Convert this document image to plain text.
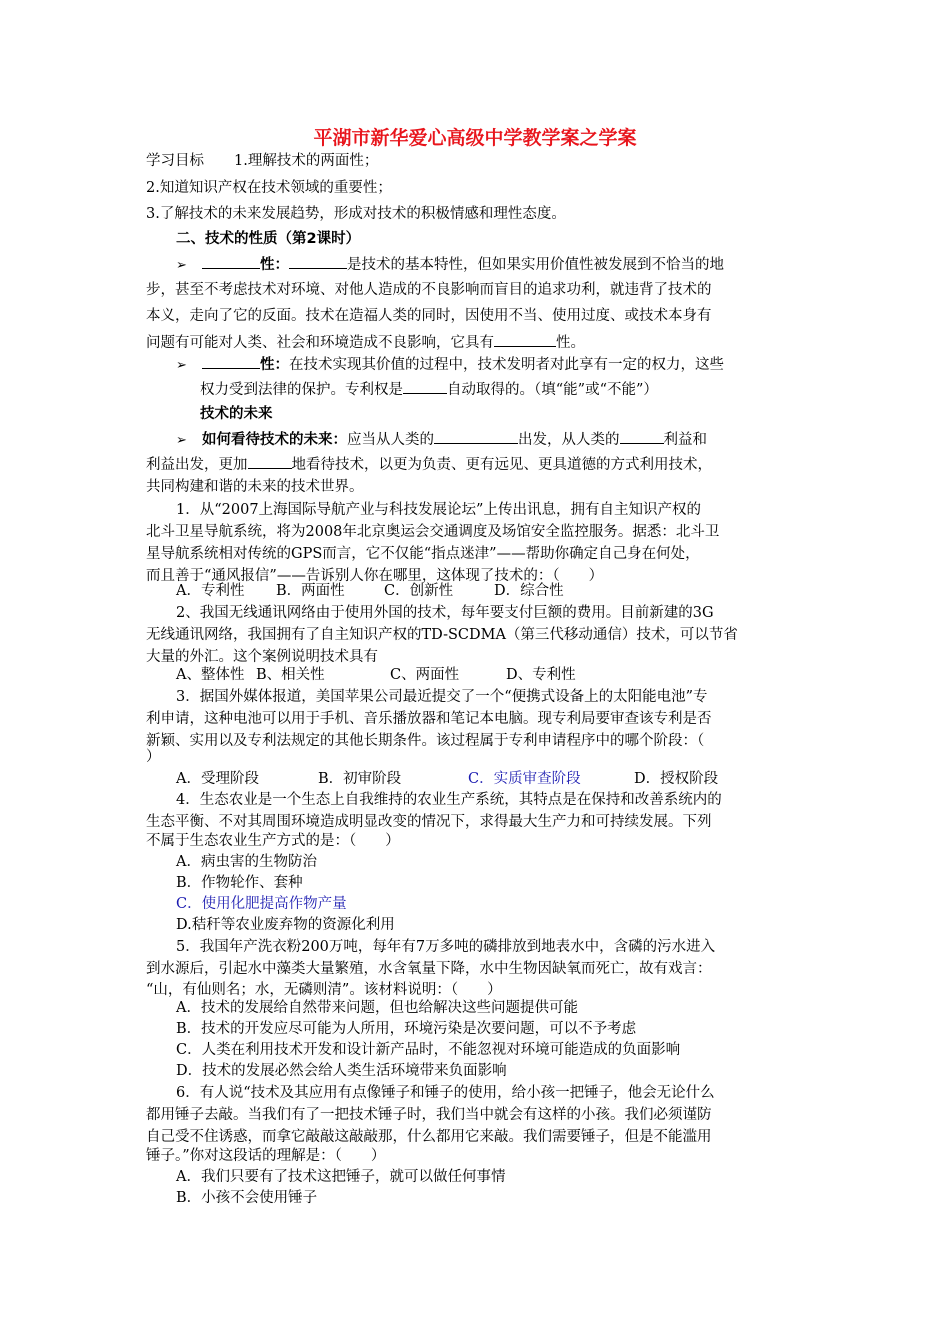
平湖市新华爱心高级中学教学案之学案
学习目标 1.理解技术的两面性；
2.知道知识产权在技术领域的重要性；
3.了解技术的未来发展趋势，形成对技术的积极情感和理性态度。
二、技术的性质（第2课时）
➢	性：	是技术的基本特性，但如果实用价值性被发展到不恰当的地
步，甚至不考虑技术对环境、对他人造成的不良影响而盲目的追求功利，就违背了技术的
本义，走向了它的反面。技术在造福人类的同时，因使用不当、使用过度、或技术本身有
问题有可能对人类、社会和环境造成不良影响，它具有	性。
➢	性：在技术实现其价值的过程中，技术发明者对此享有一定的权力，这些
权力受到法律的保护。专利权是	自动取得的。（填“能”或“不能”）
技术的未来
➢ 如何看待技术的未来：应当从人类的	出发，从人类的	利益和
利益出发，更加	地看待技术，以更为负责、更有远见、更具道德的方式利用技术，
共同构建和谐的未来的技术世界。
1．从“2007上海国际导航产业与科技发展论坛”上传出讯息，拥有自主知识产权的
北斗卫星导航系统，将为2008年北京奥运会交通调度及场馆安全监控服务。据悉：北斗卫
星导航系统相对传统的GPS而言，它不仅能“指点迷津”——帮助你确定自己身在何处，
而且善于“通风报信”——告诉别人你在哪里，这体现了技术的：（　　）
A．专利性 B．两面性	C．创新性	D．综合性
2、我国无线通讯网络由于使用外国的技术，每年要支付巨额的费用。目前新建的3G
无线通讯网络，我国拥有了自主知识产权的TD-SCDMA（第三代移动通信）技术，可以节省
大量的外汇。这个案例说明技术具有
A、整体性 B、相关性	C、两面性	D、专利性
3．据国外媒体报道，美国苹果公司最近提交了一个“便携式设备上的太阳能电池”专
利申请，这种电池可以用于手机、音乐播放器和笔记本电脑。现专利局要审查该专利是否
新颖、实用以及专利法规定的其他长期条件。该过程属于专利申请程序中的哪个阶段：（
）
A．受理阶段	B．初审阶段	C．实质审查阶段	D．授权阶段
4．生态农业是一个生态上自我维持的农业生产系统，其特点是在保持和改善系统内的
生态平衡、不对其周围环境造成明显改变的情况下，求得最大生产力和可持续发展。下列
不属于生态农业生产方式的是：（　　）
A．病虫害的生物防治
B．作物轮作、套种
C．使用化肥提高作物产量
D.秸秆等农业废弃物的资源化利用
5．我国年产洗衣粉200万吨，每年有7万多吨的磷排放到地表水中，含磷的污水进入
到水源后，引起水中藻类大量繁殖，水含氧量下降，水中生物因缺氧而死亡，故有戏言：
“山，有仙则名；水，无磷则清”。该材料说明：（　　）
A．技术的发展给自然带来问题，但也给解决这些问题提供可能
B．技术的开发应尽可能为人所用，环境污染是次要问题，可以不予考虑
C．人类在利用技术开发和设计新产品时，不能忽视对环境可能造成的负面影响
D．技术的发展必然会给人类生活环境带来负面影响
6．有人说“技术及其应用有点像锤子和锤子的使用，给小孩一把锤子，他会无论什么
都用锤子去敲。当我们有了一把技术锤子时，我们当中就会有这样的小孩。我们必须谨防
自己受不住诱惑，而拿它敲敲这敲敲那，什么都用它来敲。我们需要锤子，但是不能滥用
锤子。”你对这段话的理解是：（　　）
A．我们只要有了技术这把锤子，就可以做任何事情
B．小孩不会使用锤子
